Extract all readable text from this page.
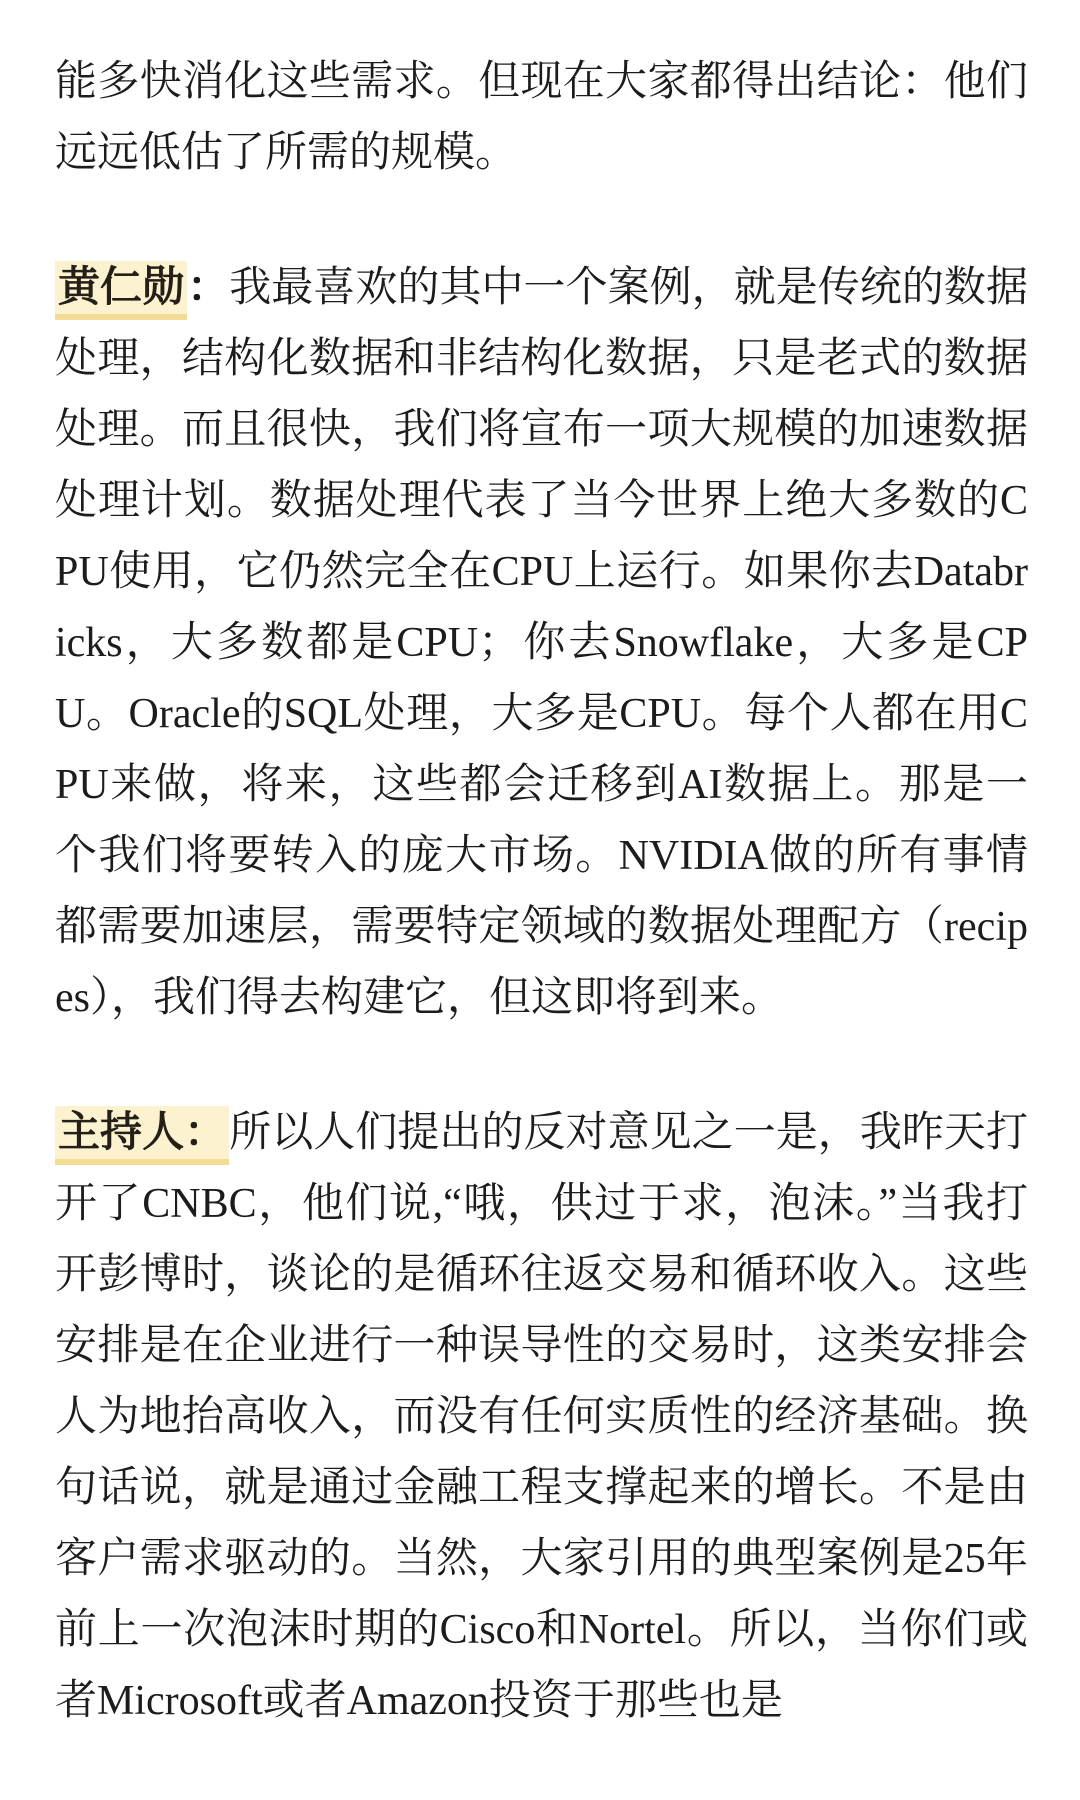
能多快消化这些需求。但现在大家都得出结论：他们远远低估了所需的规模。

黄仁勋：我最喜欢的其中一个案例，就是传统的数据处理，结构化数据和非结构化数据，只是老式的数据处理。而且很快，我们将宣布一项大规模的加速数据处理计划。数据处理代表了当今世界上绝大多数的CPU使用，它仍然完全在CPU上运行。如果你去Databricks，大多数都是CPU；你去Snowflake，大多是CPU。Oracle的SQL处理，大多是CPU。每个人都在用CPU来做，将来，这些都会迁移到AI数据上。那是一个我们将要转入的庞大市场。NVIDIA做的所有事情都需要加速层，需要特定领域的数据处理配方（recipes），我们得去构建它，但这即将到来。

主持人：所以人们提出的反对意见之一是，我昨天打开了CNBC，他们说,“哦，供过于求，泡沫。”当我打开彭博时，谈论的是循环往返交易和循环收入。这些安排是在企业进行一种误导性的交易时，这类安排会人为地抬高收入，而没有任何实质性的经济基础。换句话说，就是通过金融工程支撑起来的增长。不是由客户需求驱动的。当然，大家引用的典型案例是25年前上一次泡沫时期的Cisco和Nortel。所以，当你们或者Microsoft或者Amazon投资于那些也是
